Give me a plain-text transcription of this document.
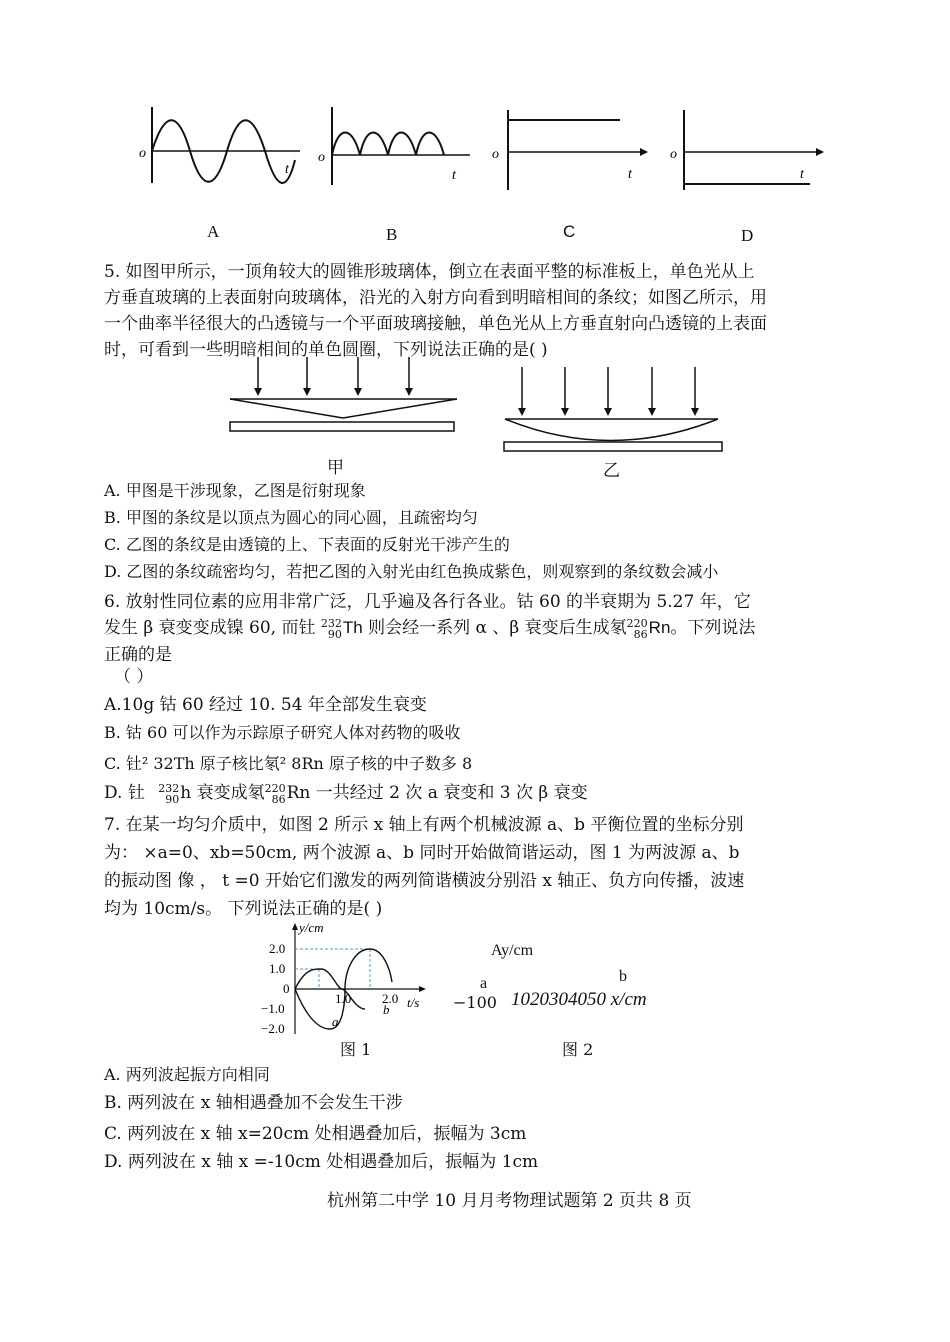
o
t
o
t
o
t
o
t
A	B	C	D
5. 如图甲所示，一顶角较大的圆锥形玻璃体，倒立在表面平整的标准板上，单色光从上
方垂直玻璃的上表面射向玻璃体，沿光的入射方向看到明暗相间的条纹；如图乙所示，用
一个曲率半径很大的凸透镜与一个平面玻璃接触，单色光从上方垂直射向凸透镜的上表面
时，可看到一些明暗相间的单色圆圈，下列说法正确的是( )
甲	乙
A. 甲图是干涉现象，乙图是衍射现象
B. 甲图的条纹是以顶点为圆心的同心圆，且疏密均匀
C. 乙图的条纹是由透镜的上、下表面的反射光干涉产生的
D. 乙图的条纹疏密均匀，若把乙图的入射光由红色换成紫色，则观察到的条纹数会减小
6. 放射性同位素的应用非常广泛，几乎遍及各行各业。钴 60 的半衰期为 5.27 年，它
发生 β 衰变变成镍 60, 而钍 232
90Th 则会经一系列 α 、β 衰变后生成氡220
86Rn。下列说法
正确的是
（ ）
A.10g 钴 60 经过 10. 54 年全部发生衰变
B. 钴 60 可以作为示踪原子研究人体对药物的吸收
C. 钍² 32Th 原子核比氡² 8Rn 原子核的中子数多 8
D. 钍 232
90h 衰变成氡220
86Rn 一共经过 2 次 a 衰变和 3 次 β 衰变
7. 在某一均匀介质中，如图 2 所示 x 轴上有两个机械波源 a、b 平衡位置的坐标分别
为： ×a=0、xb=50cm, 两个波源 a、b 同时开始做简谐运动，图 1 为两波源 a、b
的振动图 像 ， t =0 开始它们激发的两列简谐横波分别沿 x 轴正、负方向传播，波速
均为 10cm/s。 下列说法正确的是( )
y/cm
2.0
1.0
0
−1.0
−2.0
1.0 2.0 t/s
a
b
图 1
Ay/cm
a	b
−100 1020304050 x/cm
图 2
A. 两列波起振方向相同
B. 两列波在 x 轴相遇叠加不会发生干涉
C. 两列波在 x 轴 x=20cm 处相遇叠加后，振幅为 3cm
D. 两列波在 x 轴 x =-10cm 处相遇叠加后，振幅为 1cm
杭州第二中学 10 月月考物理试题第 2 页共 8 页
